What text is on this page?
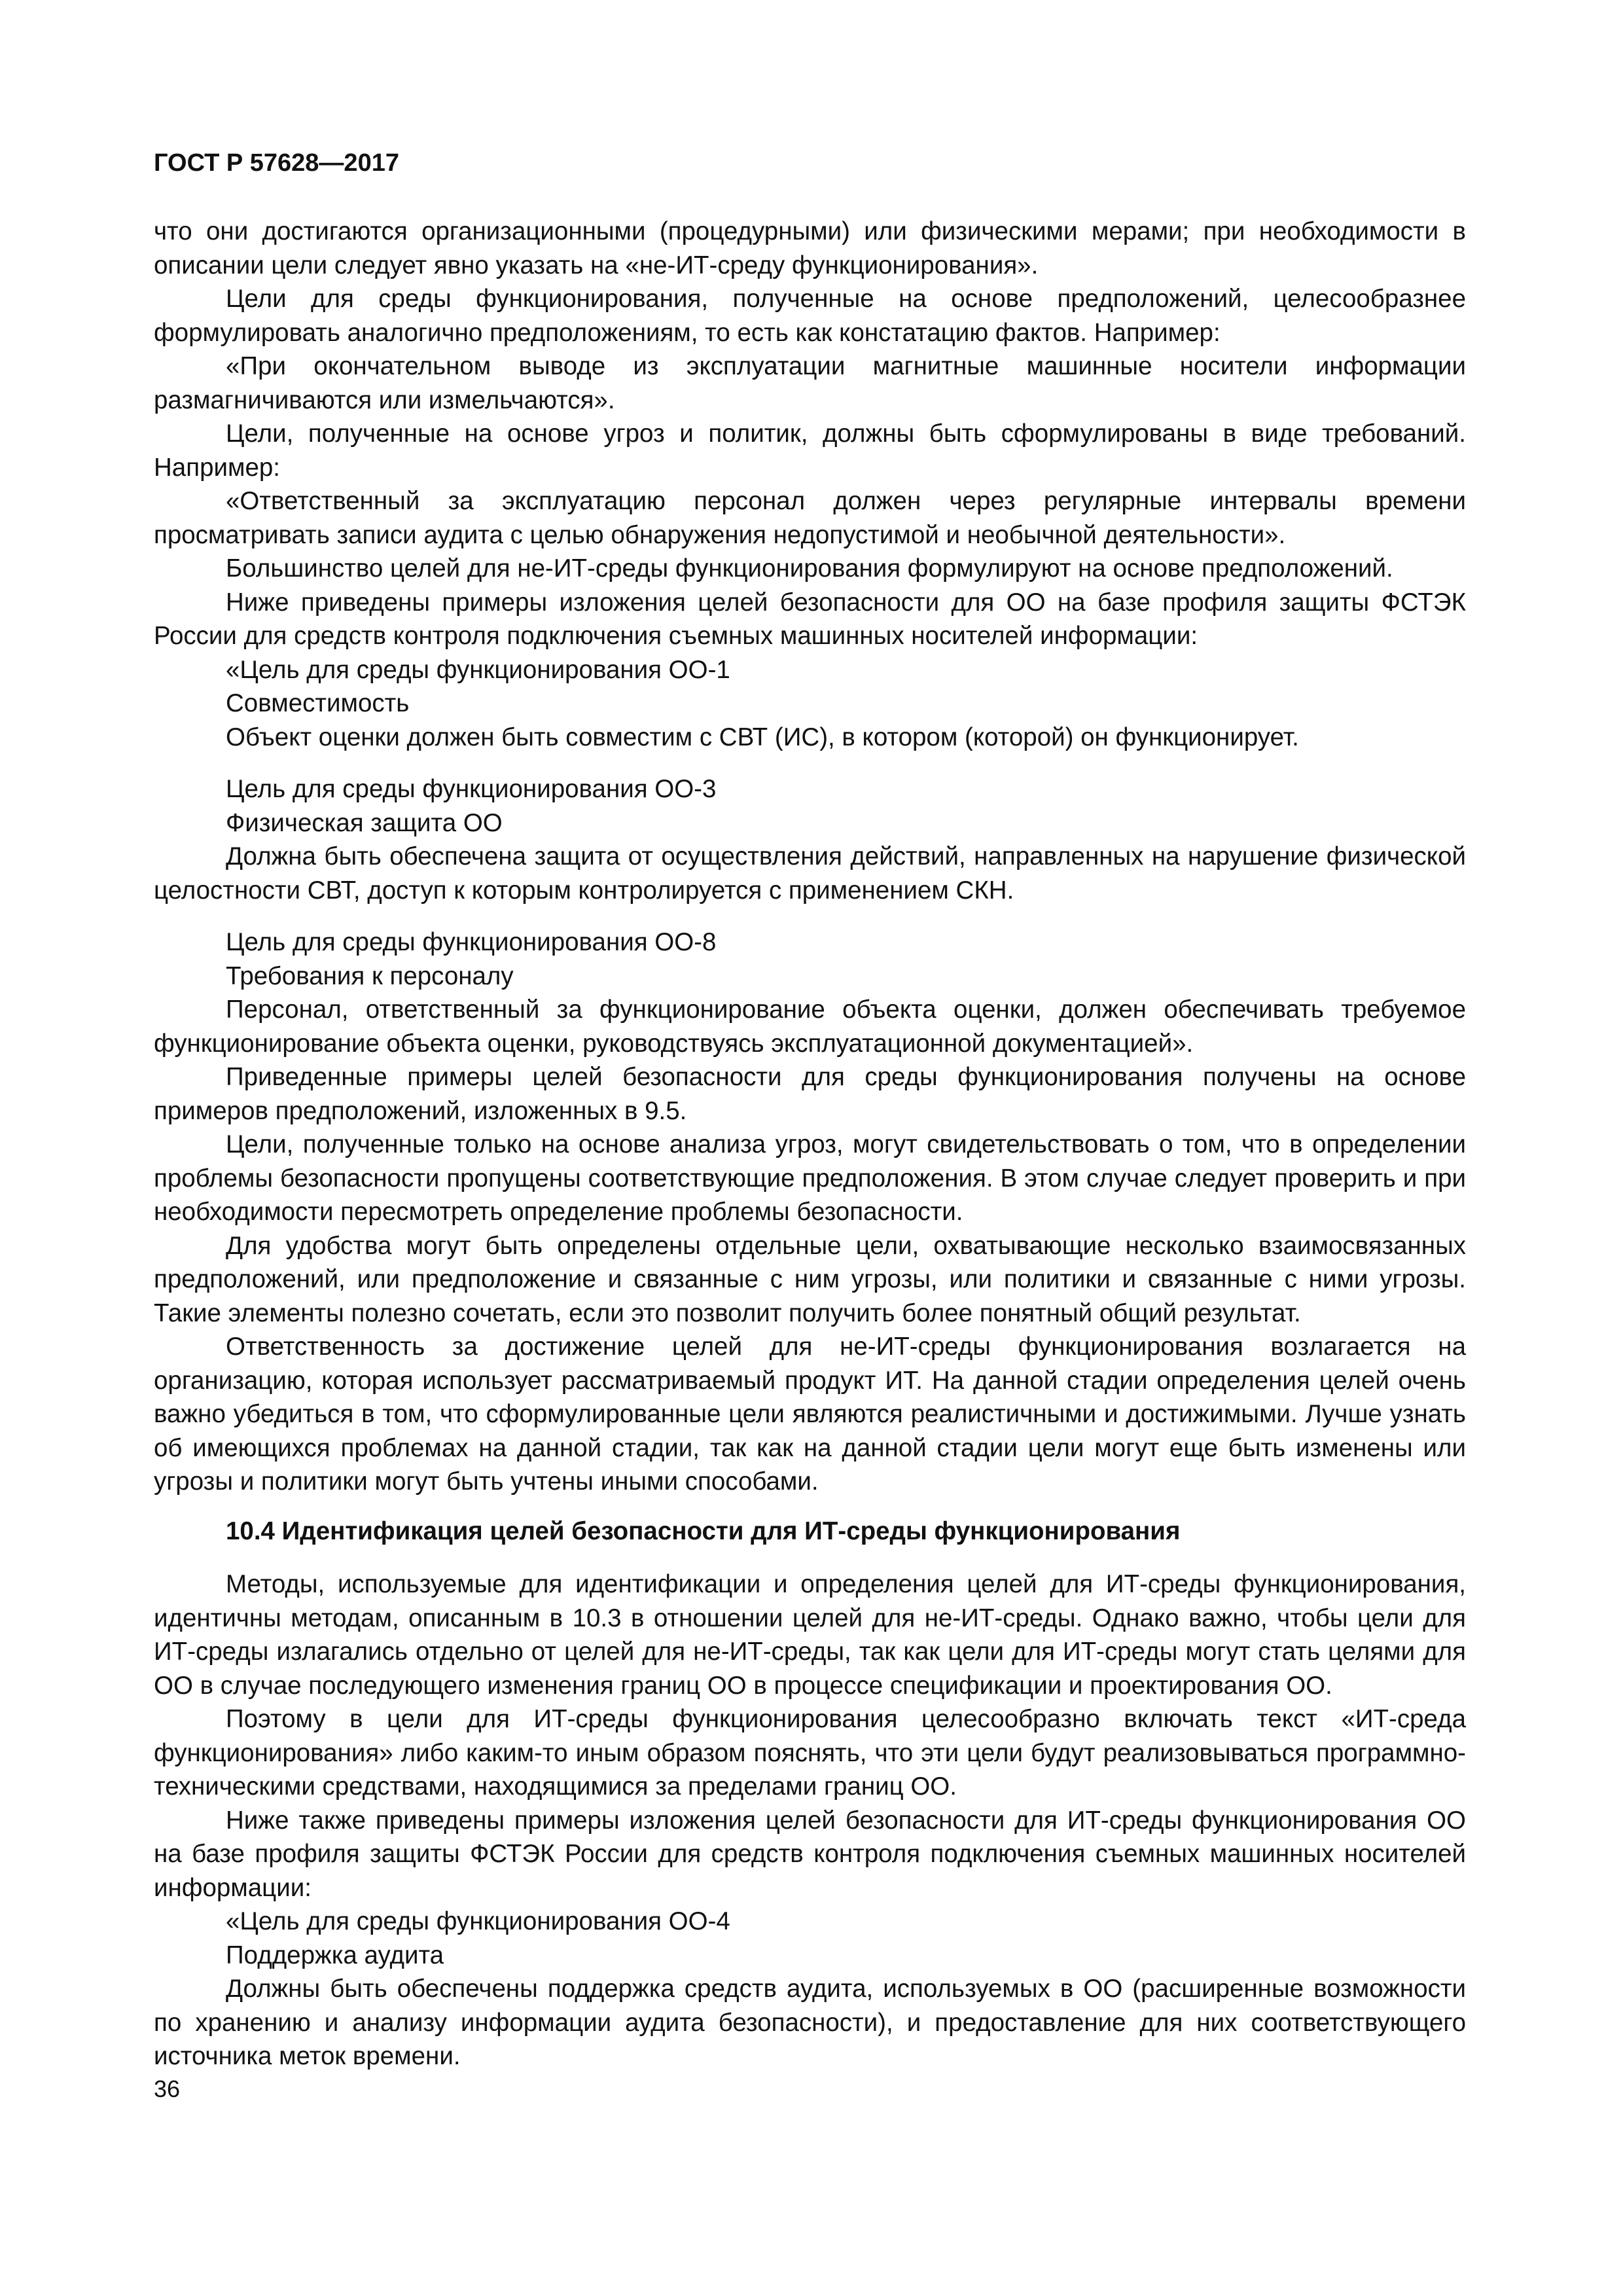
ГОСТ Р 57628—2017

что они достигаются организационными (процедурными) или физическими мерами; при необходимости в описании цели следует явно указать на «не-ИТ-среду функционирования».

Цели для среды функционирования, полученные на основе предположений, целесообразнее формулировать аналогично предположениям, то есть как констатацию фактов. Например:

«При окончательном выводе из эксплуатации магнитные машинные носители информации размагничиваются или измельчаются».

Цели, полученные на основе угроз и политик, должны быть сформулированы в виде требований. Например:

«Ответственный за эксплуатацию персонал должен через регулярные интервалы времени просматривать записи аудита с целью обнаружения недопустимой и необычной деятельности».

Большинство целей для не-ИТ-среды функционирования формулируют на основе предположений.

Ниже приведены примеры изложения целей безопасности для ОО на базе профиля защиты ФСТЭК России для средств контроля подключения съемных машинных носителей информации:

«Цель для среды функционирования ОО-1

Совместимость

Объект оценки должен быть совместим с СВТ (ИС), в котором (которой) он функционирует.

Цель для среды функционирования ОО-3

Физическая защита ОО

Должна быть обеспечена защита от осуществления действий, направленных на нарушение физической целостности СВТ, доступ к которым контролируется с применением СКН.

Цель для среды функционирования ОО-8

Требования к персоналу

Персонал, ответственный за функционирование объекта оценки, должен обеспечивать требуемое функционирование объекта оценки, руководствуясь эксплуатационной документацией».

Приведенные примеры целей безопасности для среды функционирования получены на основе примеров предположений, изложенных в 9.5.

Цели, полученные только на основе анализа угроз, могут свидетельствовать о том, что в определении проблемы безопасности пропущены соответствующие предположения. В этом случае следует проверить и при необходимости пересмотреть определение проблемы безопасности.

Для удобства могут быть определены отдельные цели, охватывающие несколько взаимосвязанных предположений, или предположение и связанные с ним угрозы, или политики и связанные с ними угрозы. Такие элементы полезно сочетать, если это позволит получить более понятный общий результат.

Ответственность за достижение целей для не-ИТ-среды функционирования возлагается на организацию, которая использует рассматриваемый продукт ИТ. На данной стадии определения целей очень важно убедиться в том, что сформулированные цели являются реалистичными и достижимыми. Лучше узнать об имеющихся проблемах на данной стадии, так как на данной стадии цели могут еще быть изменены или угрозы и политики могут быть учтены иными способами.

10.4 Идентификация целей безопасности для ИТ-среды функционирования

Методы, используемые для идентификации и определения целей для ИТ-среды функционирования, идентичны методам, описанным в 10.3 в отношении целей для не-ИТ-среды. Однако важно, чтобы цели для ИТ-среды излагались отдельно от целей для не-ИТ-среды, так как цели для ИТ-среды могут стать целями для ОО в случае последующего изменения границ ОО в процессе спецификации и проектирования ОО.

Поэтому в цели для ИТ-среды функционирования целесообразно включать текст «ИТ-среда функционирования» либо каким-то иным образом пояснять, что эти цели будут реализовываться программно-техническими средствами, находящимися за пределами границ ОО.

Ниже также приведены примеры изложения целей безопасности для ИТ-среды функционирования ОО на базе профиля защиты ФСТЭК России для средств контроля подключения съемных машинных носителей информации:

«Цель для среды функционирования ОО-4

Поддержка аудита

Должны быть обеспечены поддержка средств аудита, используемых в ОО (расширенные возможности по хранению и анализу информации аудита безопасности), и предоставление для них соответствующего источника меток времени.

36
